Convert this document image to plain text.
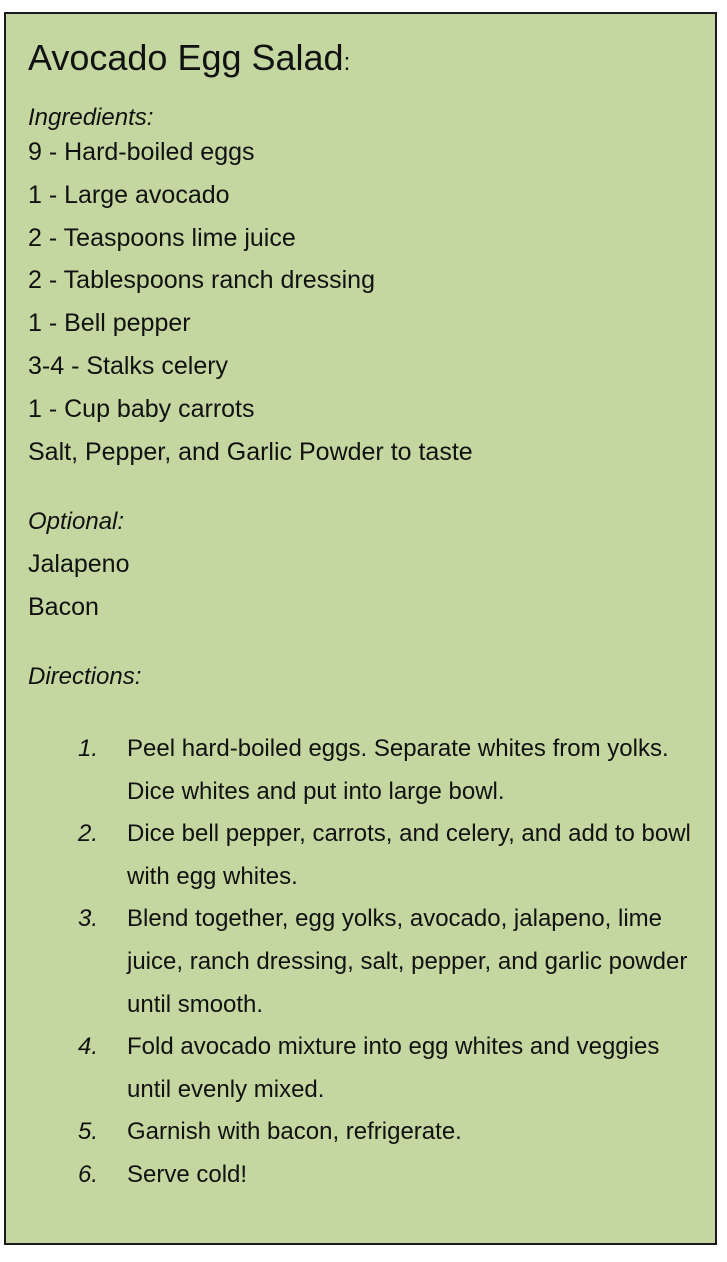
Avocado Egg Salad:
Ingredients:
9 - Hard-boiled eggs
1 - Large avocado
2 - Teaspoons lime juice
2 - Tablespoons ranch dressing
1 - Bell pepper
3-4 - Stalks celery
1 - Cup baby carrots
Salt, Pepper, and Garlic Powder to taste
Optional:
Jalapeno
Bacon
Directions:
1. Peel hard-boiled eggs. Separate whites from yolks. Dice whites and put into large bowl.
2. Dice bell pepper, carrots, and celery, and add to bowl with egg whites.
3. Blend together, egg yolks, avocado, jalapeno, lime juice, ranch dressing, salt, pepper, and garlic powder until smooth.
4. Fold avocado mixture into egg whites and veggies until evenly mixed.
5. Garnish with bacon, refrigerate.
6. Serve cold!
